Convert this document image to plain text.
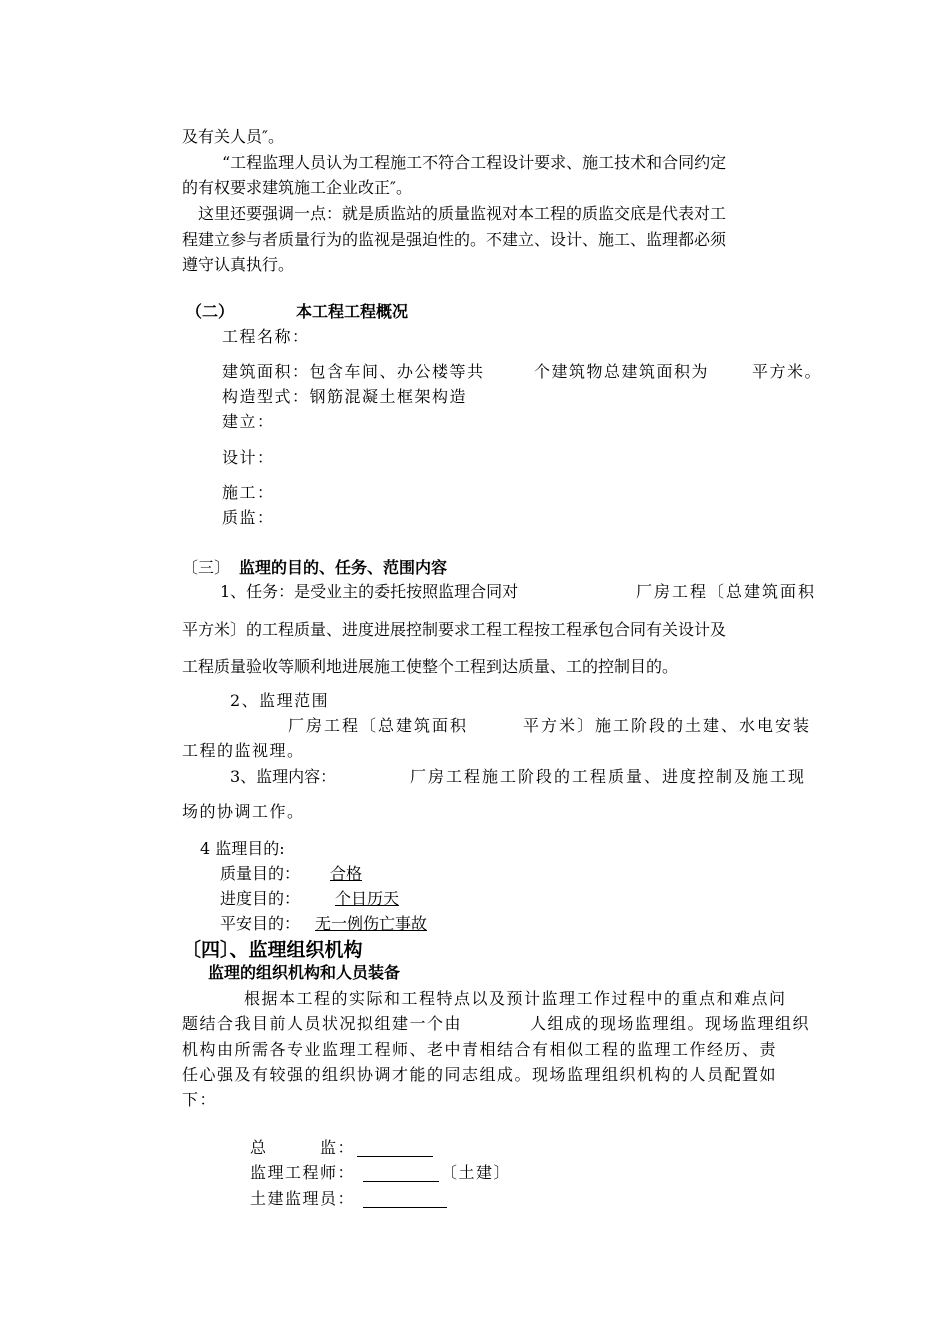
及有关人员″。
“工程监理人员认为工程施工不符合工程设计要求、施工技术和合同约定
的有权要求建筑施工企业改正″。
这里还要强调一点：就是质监站的质量监视对本工程的质监交底是代表对工
程建立参与者质量行为的监视是强迫性的。不建立、设计、施工、监理都必须
遵守认真执行。
（二）	本工程工程概况
工程名称：
建筑面积：包含车间、办公楼等共	个建筑物总建筑面积为	平方米。
构造型式：钢筋混凝土框架构造
建立：
设计：
施工：
质监：
〔三〕 监理的目的、任务、范围内容
1、任务：是受业主的委托按照监理合同对	厂房工程〔总建筑面积
平方米〕的工程质量、进度进展控制要求工程工程按工程承包合同有关设计及
工程质量验收等顺利地进展施工使整个工程到达质量、工的控制目的。
2、监理范围
厂房工程〔总建筑面积	平方米〕施工阶段的土建、水电安装
工程的监视理。
3、监理内容：	厂房工程施工阶段的工程质量、进度控制及施工现
场的协调工作。
4 监理目的:
质量目的：	合格
进度目的：	个日历天
平安目的： 无一例伤亡事故
〔四〕、监理组织机构
监理的组织机构和人员装备
根据本工程的实际和工程特点以及预计监理工作过程中的重点和难点问
题结合我目前人员状况拟组建一个由	人组成的现场监理组。现场监理组织
机构由所需各专业监理工程师、老中青相结合有相似工程的监理工作经历、责
任心强及有较强的组织协调才能的同志组成。现场监理组织机构的人员配置如
下：
总	监：
监理工程师：	〔土建〕
土建监理员：
